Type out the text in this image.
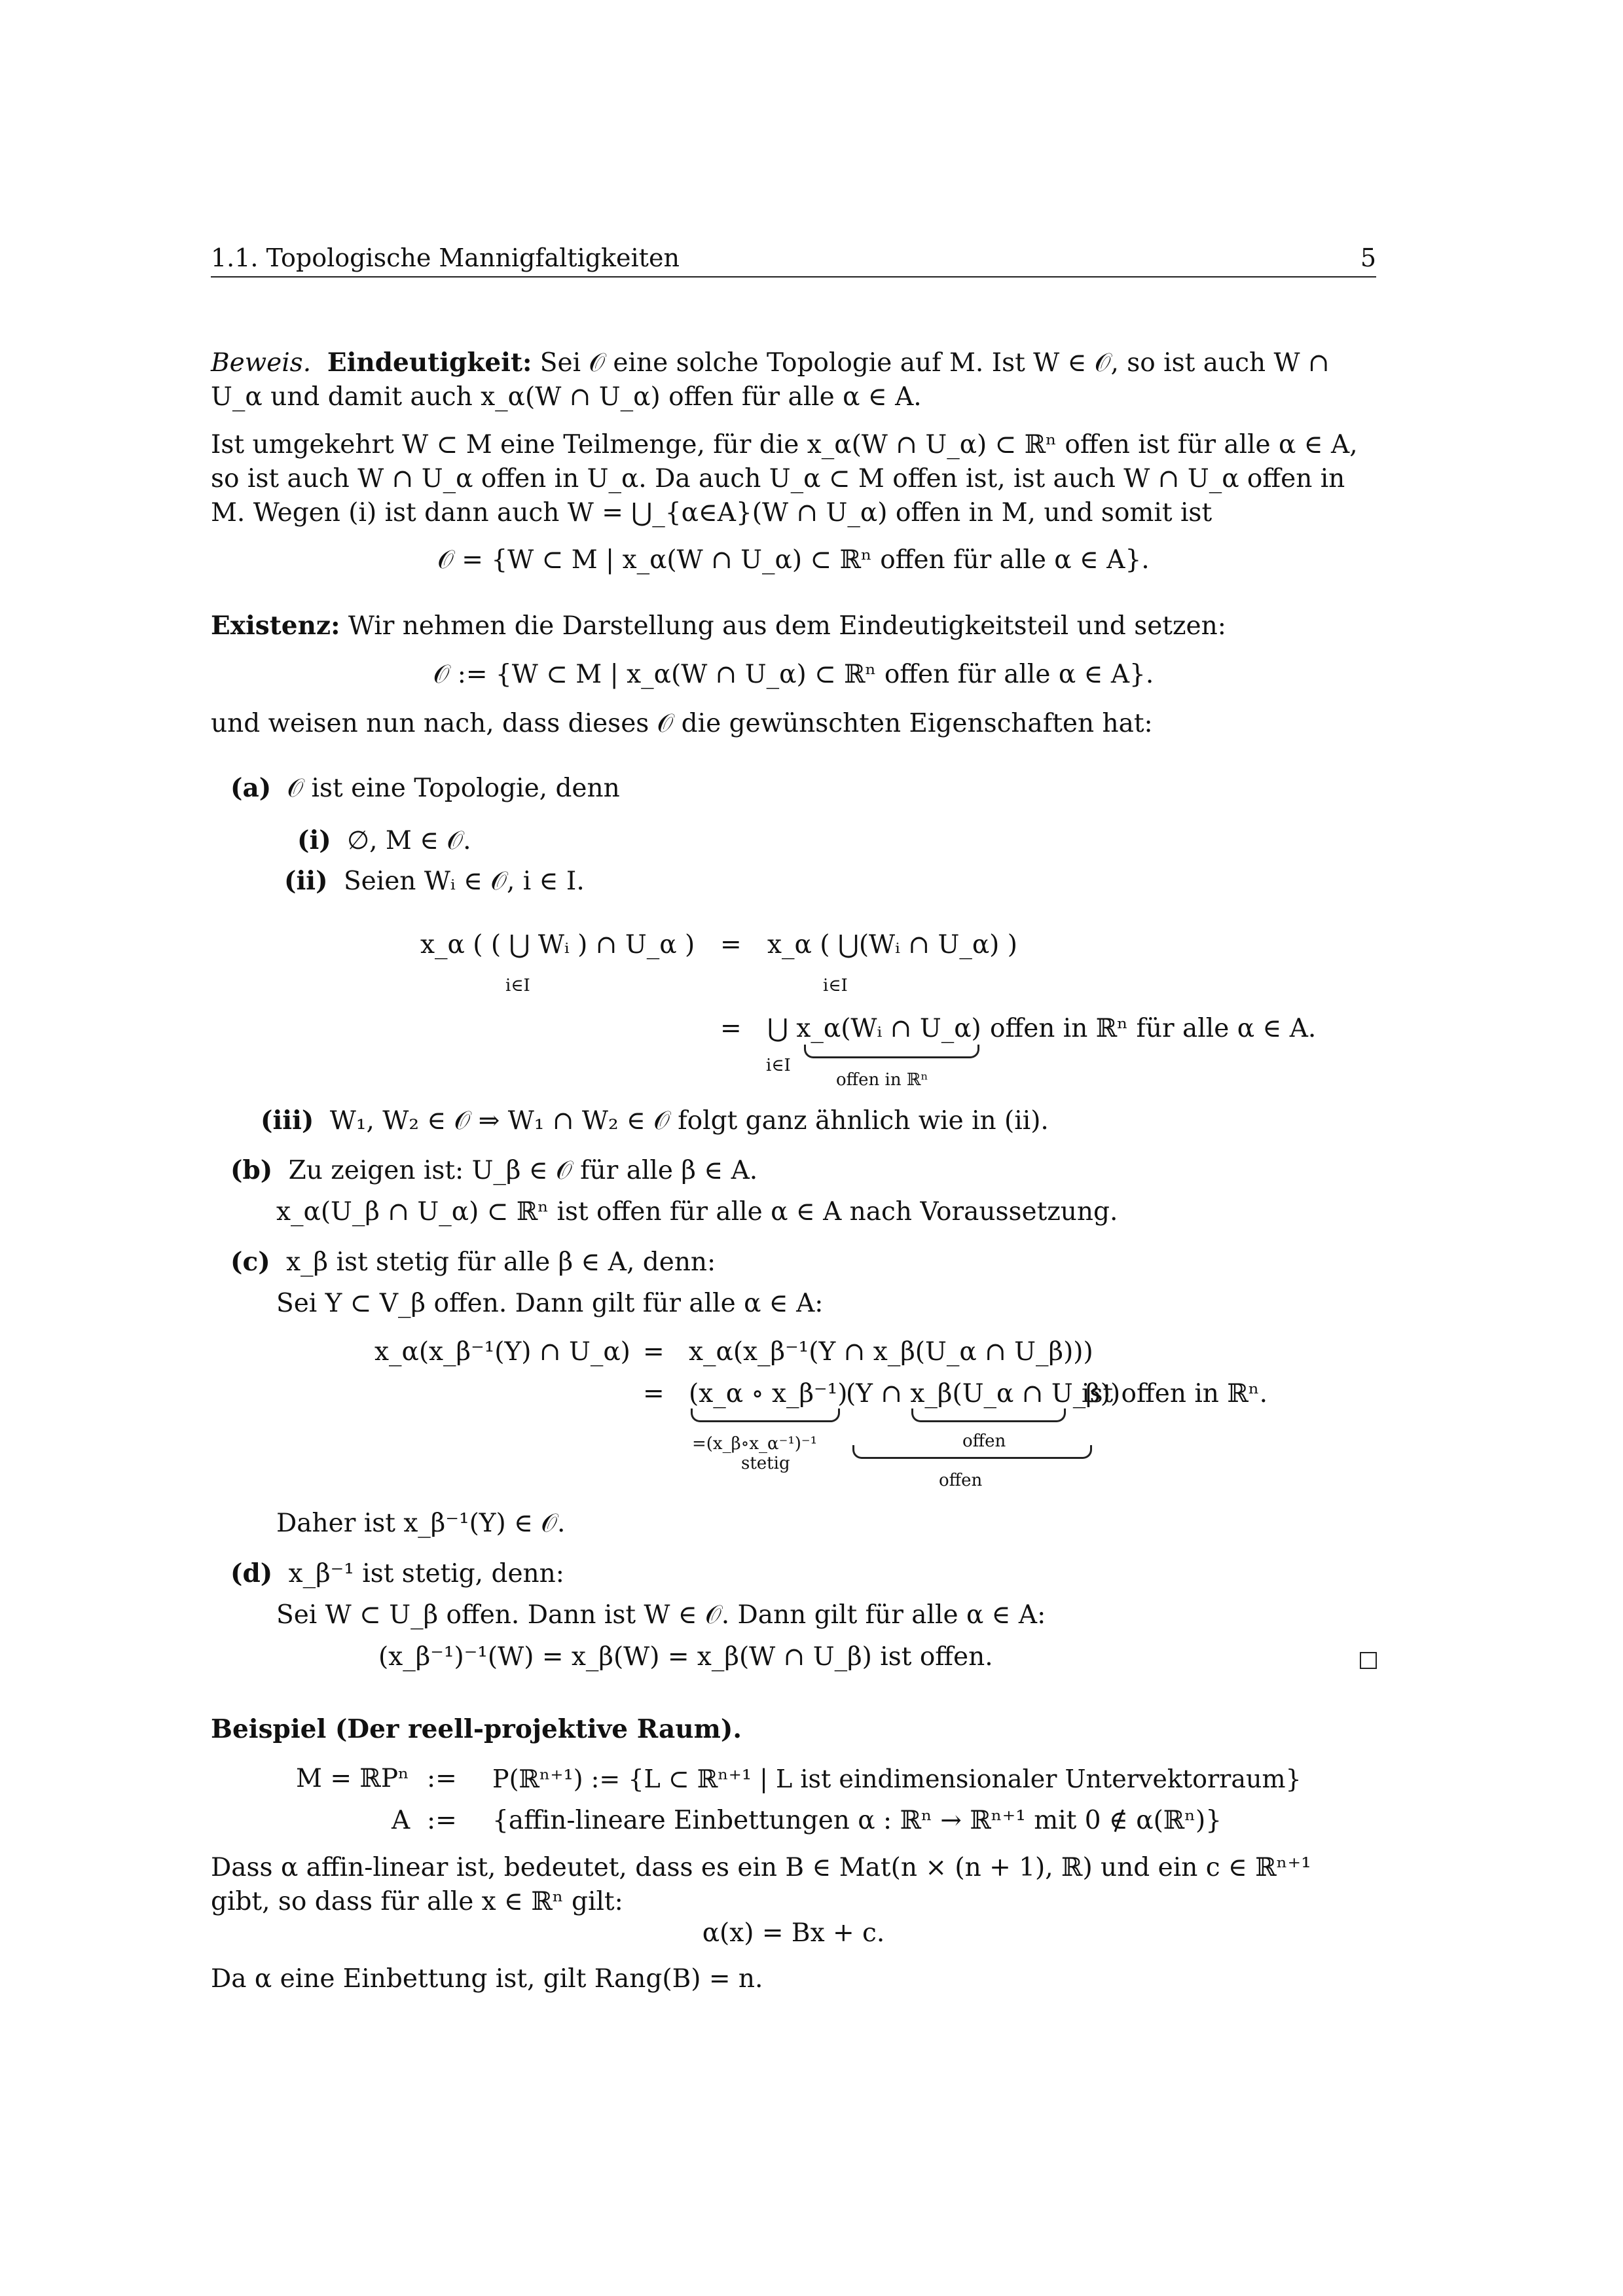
1.1. Topologische Mannigfaltigkeiten	5

Beweis. Eindeutigkeit: Sei 𝒪 eine solche Topologie auf M. Ist W ∈ 𝒪, so ist auch W ∩ U_α und damit auch x_α(W ∩ U_α) offen für alle α ∈ A.

Ist umgekehrt W ⊂ M eine Teilmenge, für die x_α(W ∩ U_α) ⊂ ℝⁿ offen ist für alle α ∈ A, so ist auch W ∩ U_α offen in U_α. Da auch U_α ⊂ M offen ist, ist auch W ∩ U_α offen in M. Wegen (i) ist dann auch W = ⋃_{α∈A}(W ∩ U_α) offen in M, und somit ist

𝒪 = {W ⊂ M | x_α(W ∩ U_α) ⊂ ℝⁿ offen für alle α ∈ A}.

Existenz: Wir nehmen die Darstellung aus dem Eindeutigkeitsteil und setzen:

𝒪 := {W ⊂ M | x_α(W ∩ U_α) ⊂ ℝⁿ offen für alle α ∈ A}.
und weisen nun nach, dass dieses 𝒪 die gewünschten Eigenschaften hat:
(a) 𝒪 ist eine Topologie, denn
(i) ∅, M ∈ 𝒪.
(ii) Seien Wᵢ ∈ 𝒪, i ∈ I.
x_α ( ( ⋃ Wᵢ ) ∩ U_α )
i∈I
= x_α ( ⋃(Wᵢ ∩ U_α) )
i∈I
= ⋃ x_α(Wᵢ ∩ U_α)
i∈I
offen in ℝⁿ
offen in ℝⁿ für alle α ∈ A.
(iii) W₁, W₂ ∈ 𝒪 ⇒ W₁ ∩ W₂ ∈ 𝒪 folgt ganz ähnlich wie in (ii).
(b) Zu zeigen ist: U_β ∈ 𝒪 für alle β ∈ A.
x_α(U_β ∩ U_α) ⊂ ℝⁿ ist offen für alle α ∈ A nach Voraussetzung.
(c) x_β ist stetig für alle β ∈ A, denn:
Sei Y ⊂ V_β offen. Dann gilt für alle α ∈ A:
x_α(x_β⁻¹(Y) ∩ U_α) = x_α(x_β⁻¹(Y ∩ x_β(U_α ∩ U_β)))
= (x_α ∘ x_β⁻¹)
(Y ∩ x_β(U_α ∩ U_β))
ist offen in ℝⁿ.
=(x_β∘x_α⁻¹)⁻¹
stetig
offen
offen
Daher ist x_β⁻¹(Y) ∈ 𝒪.
(d) x_β⁻¹ ist stetig, denn:
Sei W ⊂ U_β offen. Dann ist W ∈ 𝒪. Dann gilt für alle α ∈ A:
(x_β⁻¹)⁻¹(W) = x_β(W) = x_β(W ∩ U_β) ist offen.
Beispiel (Der reell-projektive Raum).
M = ℝPⁿ := P(ℝⁿ⁺¹) := {L ⊂ ℝⁿ⁺¹ | L ist eindimensionaler Untervektorraum}
A := {affin-lineare Einbettungen α : ℝⁿ → ℝⁿ⁺¹ mit 0 ∉ α(ℝⁿ)}
Dass α affin-linear ist, bedeutet, dass es ein B ∈ Mat(n × (n + 1), ℝ) und ein c ∈ ℝⁿ⁺¹ gibt, so dass für alle x ∈ ℝⁿ gilt:
α(x) = Bx + c.
Da α eine Einbettung ist, gilt Rang(B) = n.
